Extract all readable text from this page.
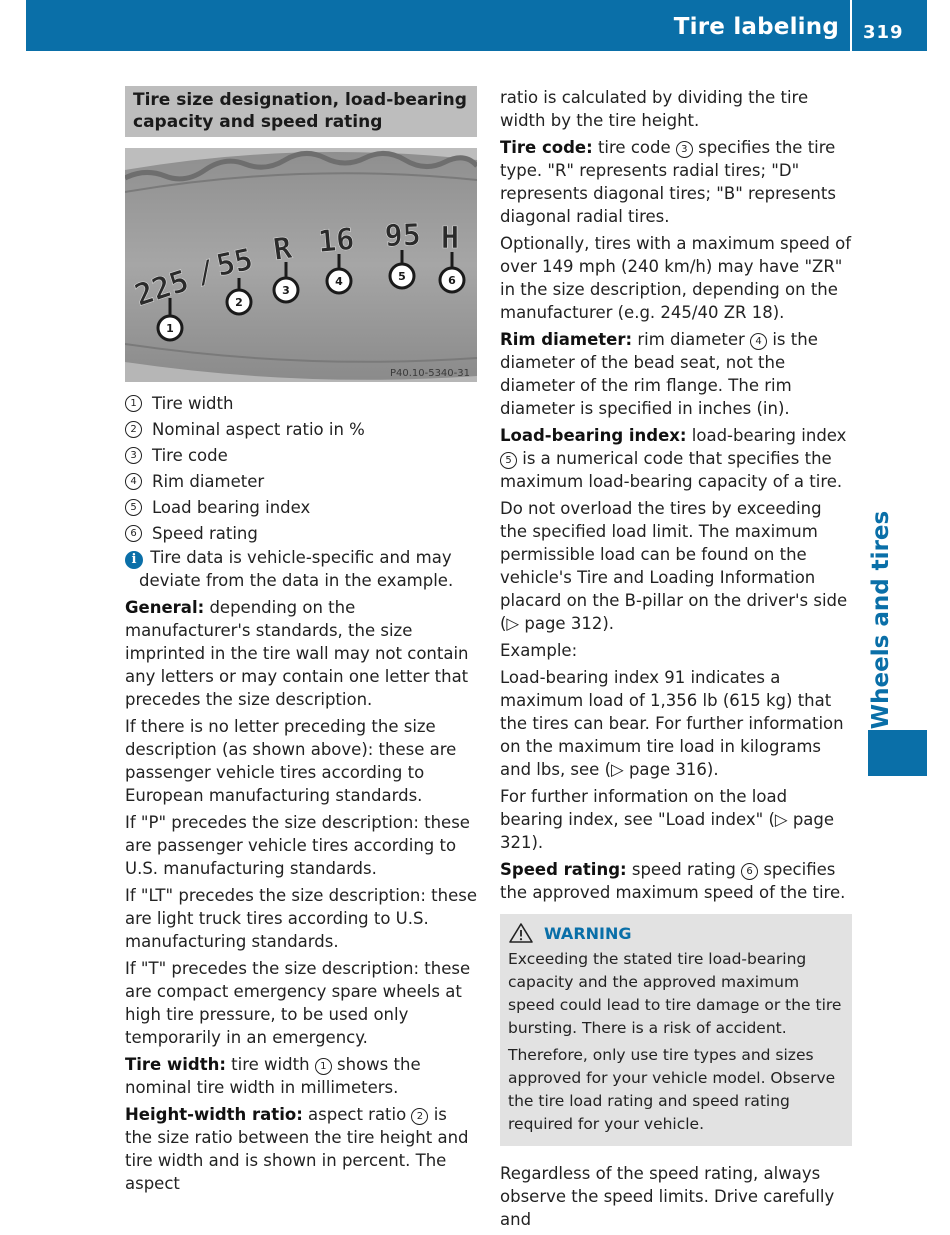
Tire labeling 319
Wheels and tires
Tire size designation, load-bearing capacity and speed rating
225 /
55 R 16 95 H
1
2
3
4	5	6
P40.10-5340-31
1 Tire width
2 Nominal aspect ratio in %
3 Tire code
4 Rim diameter
5 Load bearing index
6 Speed rating

i Tire data is vehicle-specific and may deviate from the data in the example.

General: depending on the manufacturer's standards, the size imprinted in the tire wall may not contain any letters or may contain one letter that precedes the size description.

If there is no letter preceding the size description (as shown above): these are passenger vehicle tires according to European manufacturing standards.

If "P" precedes the size description: these are passenger vehicle tires according to U.S. manufacturing standards.

If "LT" precedes the size description: these are light truck tires according to U.S. manufacturing standards.

If "T" precedes the size description: these are compact emergency spare wheels at high tire pressure, to be used only temporarily in an emergency.

Tire width: tire width 1 shows the nominal tire width in millimeters.

Height-width ratio: aspect ratio 2 is the size ratio between the tire height and tire width and is shown in percent. The aspect

ratio is calculated by dividing the tire width by the tire height.

Tire code: tire code 3 specifies the tire type. "R" represents radial tires; "D" represents diagonal tires; "B" represents diagonal radial tires.

Optionally, tires with a maximum speed of over 149 mph (240 km/h) may have "ZR" in the size description, depending on the manufacturer (e.g. 245/40 ZR 18).

Rim diameter: rim diameter 4 is the diameter of the bead seat, not the diameter of the rim flange. The rim diameter is specified in inches (in).

Load-bearing index: load-bearing index 5 is a numerical code that specifies the maximum load-bearing capacity of a tire.

Do not overload the tires by exceeding the specified load limit. The maximum permissible load can be found on the vehicle's Tire and Loading Information placard on the B-pillar on the driver's side (▷ page 312).

Example:

Load-bearing index 91 indicates a maximum load of 1,356 lb (615 kg) that the tires can bear. For further information on the maximum tire load in kilograms and lbs, see (▷ page 316).

For further information on the load bearing index, see "Load index" (▷ page 321).

Speed rating: speed rating 6 specifies the approved maximum speed of the tire.

WARNING

Exceeding the stated tire load-bearing capacity and the approved maximum speed could lead to tire damage or the tire bursting. There is a risk of accident.

Therefore, only use tire types and sizes approved for your vehicle model. Observe the tire load rating and speed rating required for your vehicle.

Regardless of the speed rating, always observe the speed limits. Drive carefully and
